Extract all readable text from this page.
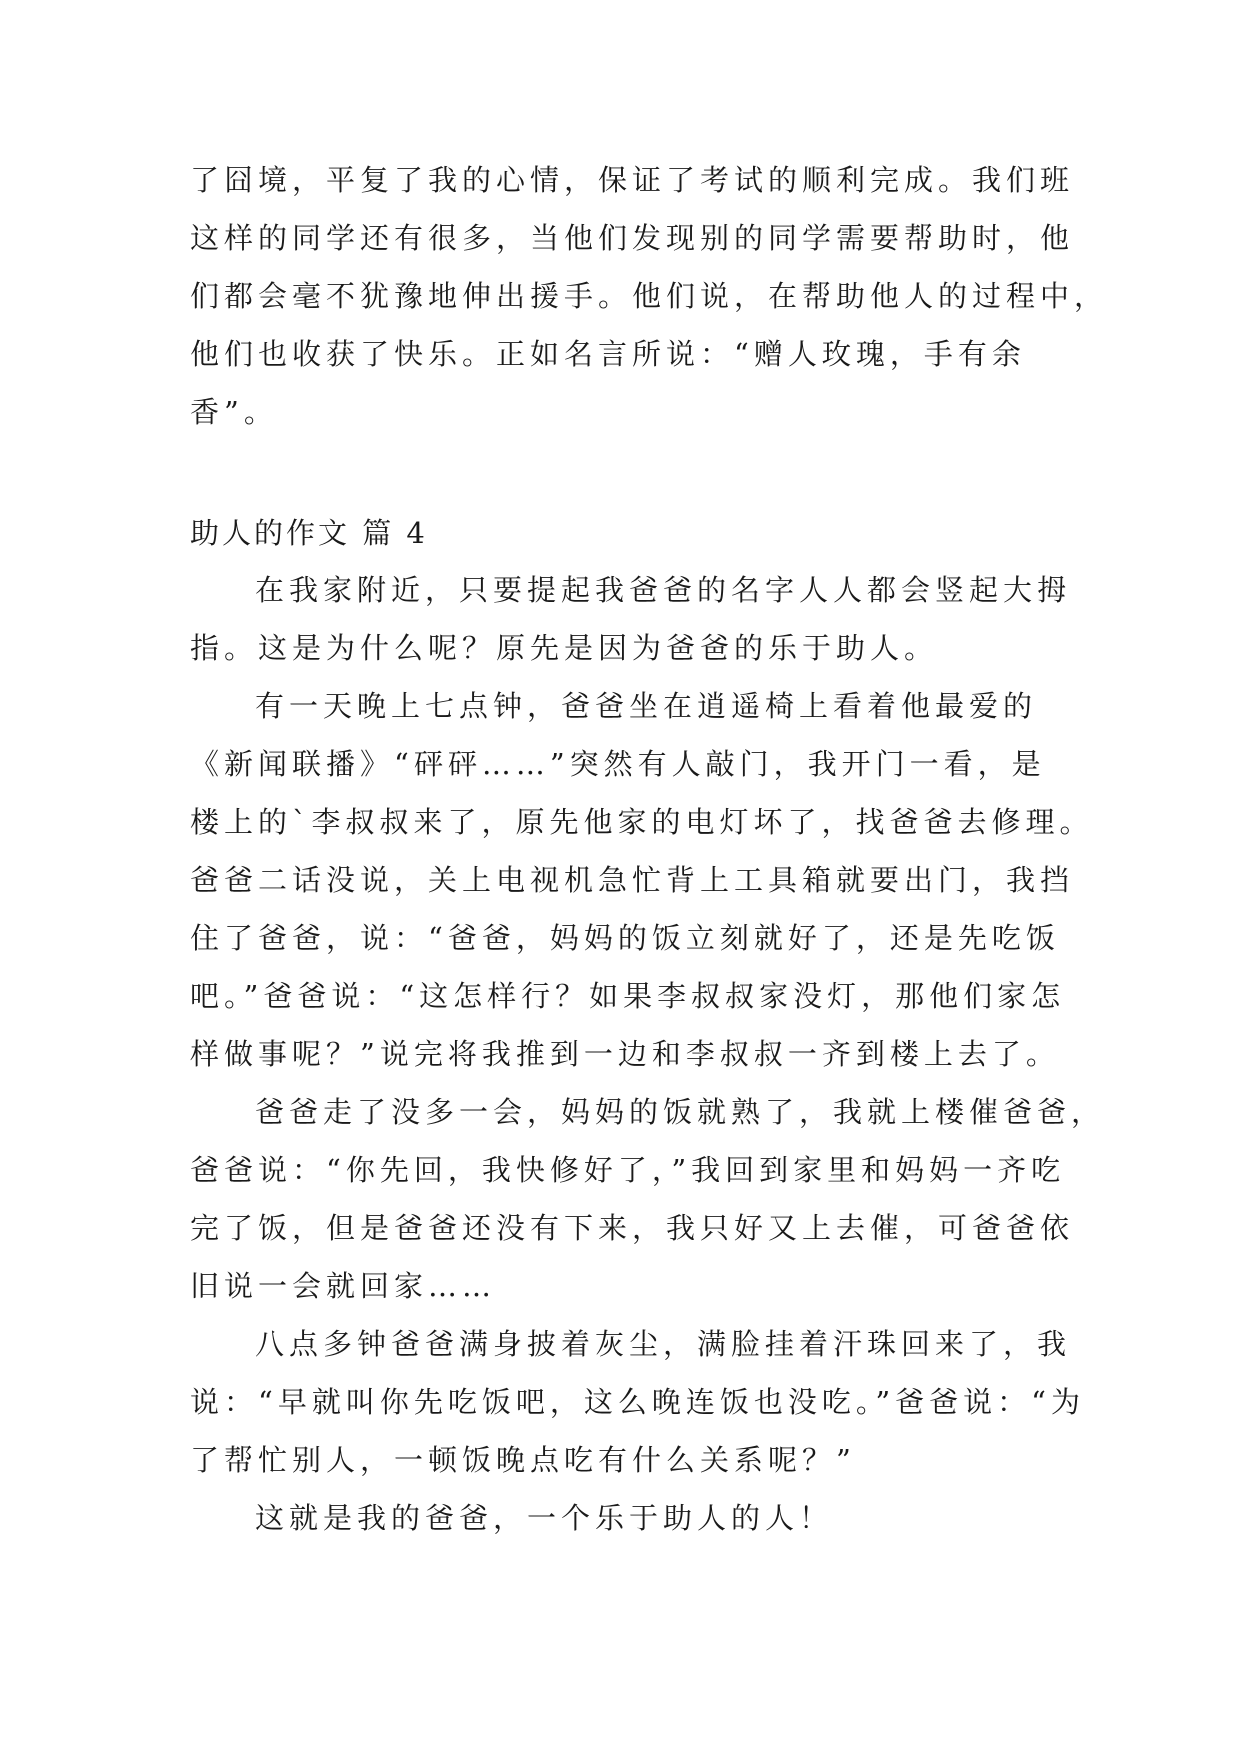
了囧境，平复了我的心情，保证了考试的顺利完成。我们班
这样的同学还有很多，当他们发现别的同学需要帮助时，他
们都会毫不犹豫地伸出援手。他们说，在帮助他人的过程中，
他们也收获了快乐。正如名言所说：“赠人玫瑰，手有余
香”。
助人的作文 篇 4
在我家附近，只要提起我爸爸的名字人人都会竖起大拇
指。这是为什么呢？原先是因为爸爸的乐于助人。
有一天晚上七点钟，爸爸坐在逍遥椅上看着他最爱的
《新闻联播》“砰砰……”突然有人敲门，我开门一看，是
楼上的`李叔叔来了，原先他家的电灯坏了，找爸爸去修理。
爸爸二话没说，关上电视机急忙背上工具箱就要出门，我挡
住了爸爸，说：“爸爸，妈妈的饭立刻就好了，还是先吃饭
吧。”爸爸说：“这怎样行？如果李叔叔家没灯，那他们家怎
样做事呢？”说完将我推到一边和李叔叔一齐到楼上去了。
爸爸走了没多一会，妈妈的饭就熟了，我就上楼催爸爸，
爸爸说：“你先回，我快修好了，”我回到家里和妈妈一齐吃
完了饭，但是爸爸还没有下来，我只好又上去催，可爸爸依
旧说一会就回家……
八点多钟爸爸满身披着灰尘，满脸挂着汗珠回来了，我
说：“早就叫你先吃饭吧，这么晚连饭也没吃。”爸爸说：“为
了帮忙别人，一顿饭晚点吃有什么关系呢？”
这就是我的爸爸，一个乐于助人的人！
